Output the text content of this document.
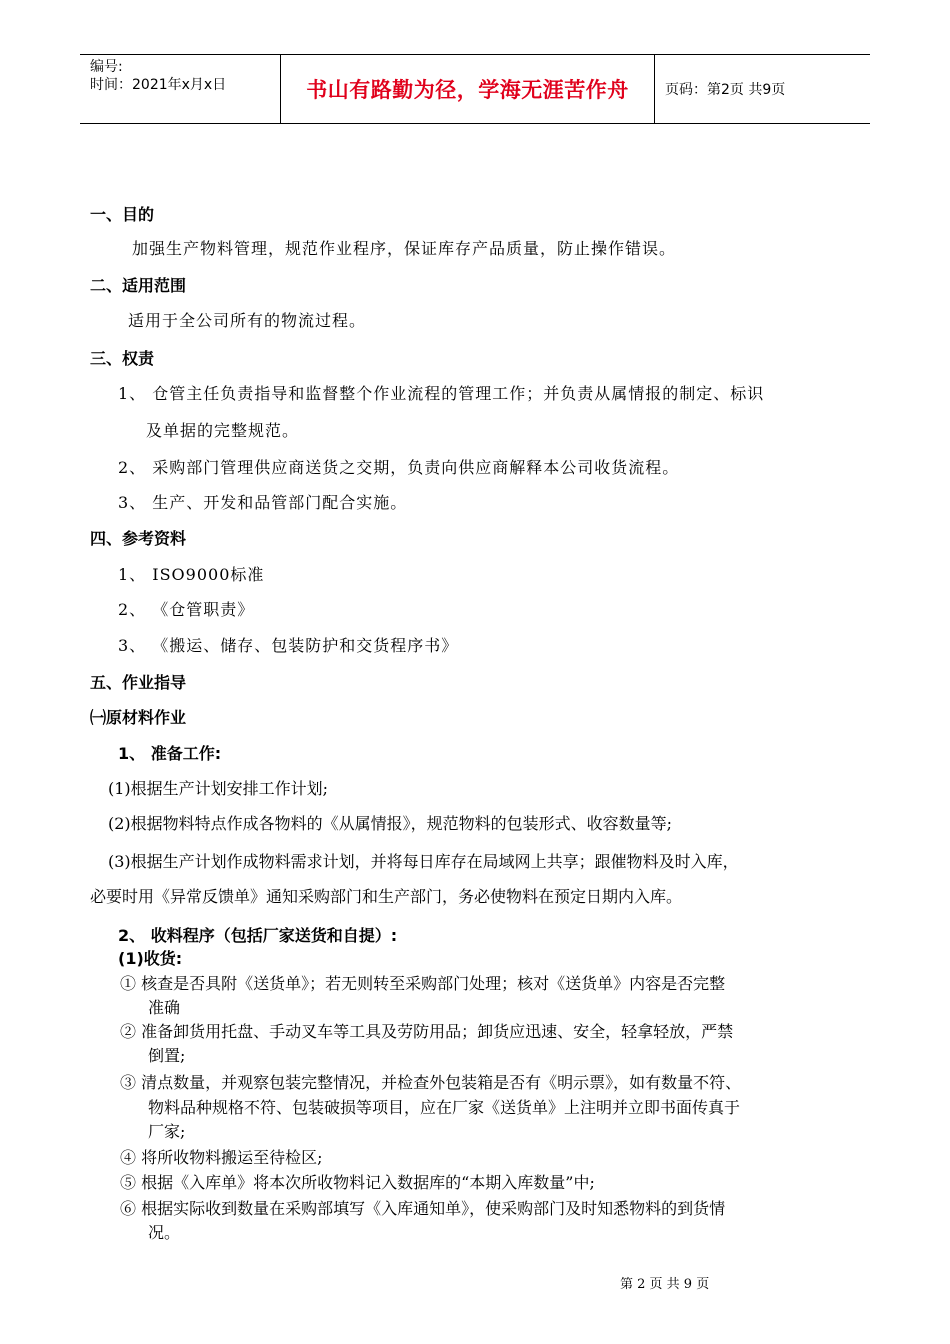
编号:
时间：2021年x月x日	书山有路勤为径，学海无涯苦作舟	页码：第2页 共9页
一、目的
加强生产物料管理，规范作业程序，保证库存产品质量，防止操作错误。
二、适用范围
适用于全公司所有的物流过程。
三、权责
1、 仓管主任负责指导和监督整个作业流程的管理工作；并负责从属情报的制定、标识
及单据的完整规范。
2、 采购部门管理供应商送货之交期，负责向供应商解释本公司收货流程。
3、 生产、开发和品管部门配合实施。
四、参考资料
1、 ISO9000标准
2、 《仓管职责》
3、 《搬运、储存、包装防护和交货程序书》
五、作业指导
㈠原材料作业
1、 准备工作:
(1)根据生产计划安排工作计划;
(2)根据物料特点作成各物料的《从属情报》，规范物料的包装形式、收容数量等;
(3)根据生产计划作成物料需求计划，并将每日库存在局域网上共享；跟催物料及时入库，
必要时用《异常反馈单》通知采购部门和生产部门，务必使物料在预定日期内入库。
2、 收料程序（包括厂家送货和自提）:
(1)收货:
① 核查是否具附《送货单》；若无则转至采购部门处理；核对《送货单》内容是否完整
准确
② 准备卸货用托盘、手动叉车等工具及劳防用品；卸货应迅速、安全，轻拿轻放，严禁
倒置;
③ 清点数量，并观察包装完整情况，并检查外包装箱是否有《明示票》，如有数量不符、
物料品种规格不符、包装破损等项目，应在厂家《送货单》上注明并立即书面传真于
厂家;
④ 将所收物料搬运至待检区;
⑤ 根据《入库单》将本次所收物料记入数据库的“本期入库数量”中;
⑥ 根据实际收到数量在采购部填写《入库通知单》，使采购部门及时知悉物料的到货情
况。
第 2 页 共 9 页
